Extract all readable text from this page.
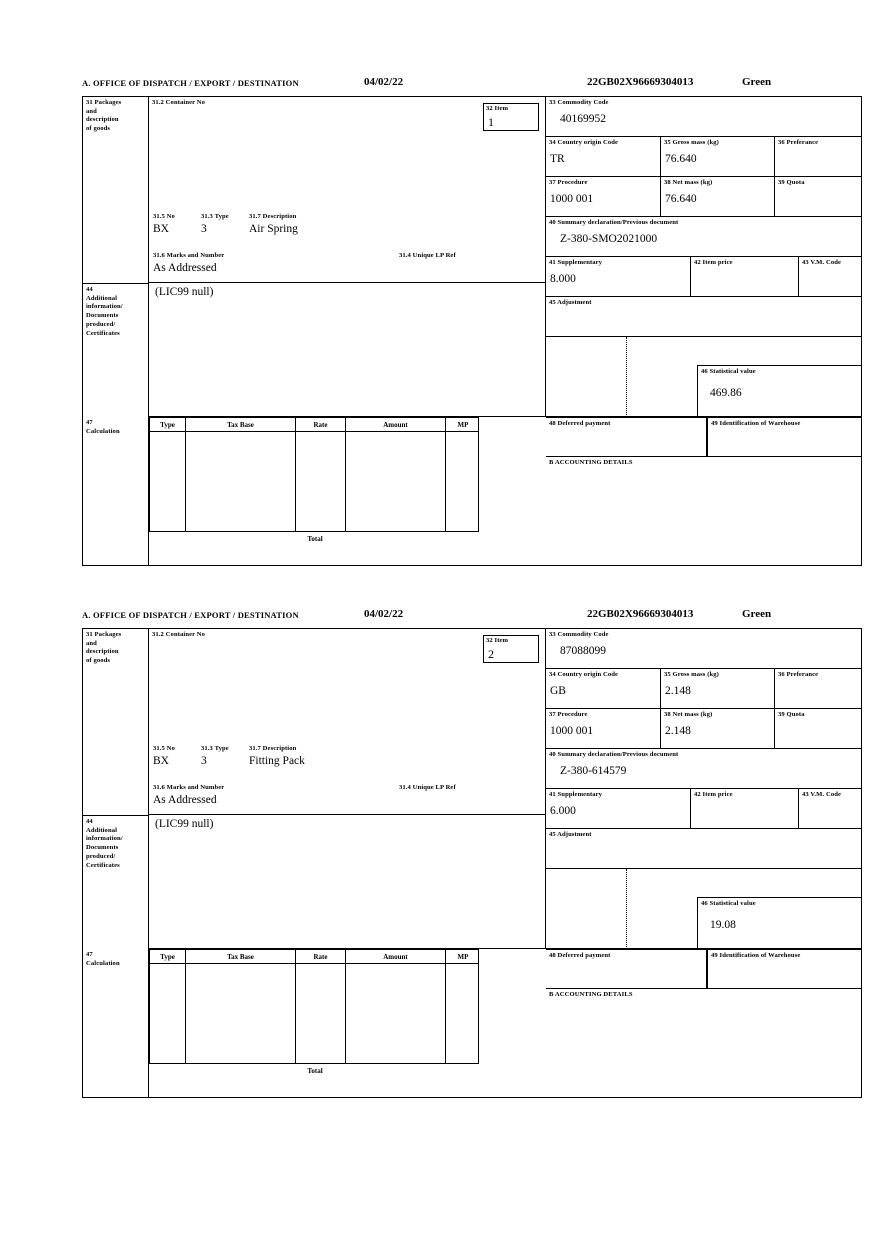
A. OFFICE OF DISPATCH / EXPORT / DESTINATION	04/02/22	22GB02X96669304013	Green
31 Packages
and
description
of goods
31.2 Container No
31.5 No	31.3 Type	31.7 Description
BX	3	Air Spring
31.6 Marks and Number
As Addressed
31.4 Unique LP Ref
32 Item
1
33 Commodity Code
40169952
34 Country origin Code
TR
35 Gross mass (kg)
76.640
36 Preferance
37 Procedure
1000 001
38 Net mass (kg)
76.640
39 Quota
40 Summary declaration/Previous document
Z-380-SMO2021000
41 Supplementary
8.000
42 Item price	43 V.M. Code
44
Additional
information/
Documents
produced/
Certificates
(LIC99 null)
45 Adjustment
46 Statistical value
469.86
47
Calculation
Type	Tax Base	Rate	Amount	MP
Total
48 Deferred payment	49 Identification of Warehouse
B ACCOUNTING DETAILS
A. OFFICE OF DISPATCH / EXPORT / DESTINATION	04/02/22	22GB02X96669304013	Green
31 Packages
and
description
of goods
31.2 Container No
31.5 No	31.3 Type	31.7 Description
BX	3	Fitting Pack
31.6 Marks and Number
As Addressed
31.4 Unique LP Ref
32 Item
2
33 Commodity Code
87088099
34 Country origin Code
GB
35 Gross mass (kg)
2.148
36 Preferance
37 Procedure
1000 001
38 Net mass (kg)
2.148
39 Quota
40 Summary declaration/Previous document
Z-380-614579
41 Supplementary
6.000
42 Item price	43 V.M. Code
44
Additional
information/
Documents
produced/
Certificates
(LIC99 null)
45 Adjustment
46 Statistical value
19.08
47
Calculation
Type	Tax Base	Rate	Amount	MP
Total
48 Deferred payment	49 Identification of Warehouse
B ACCOUNTING DETAILS
